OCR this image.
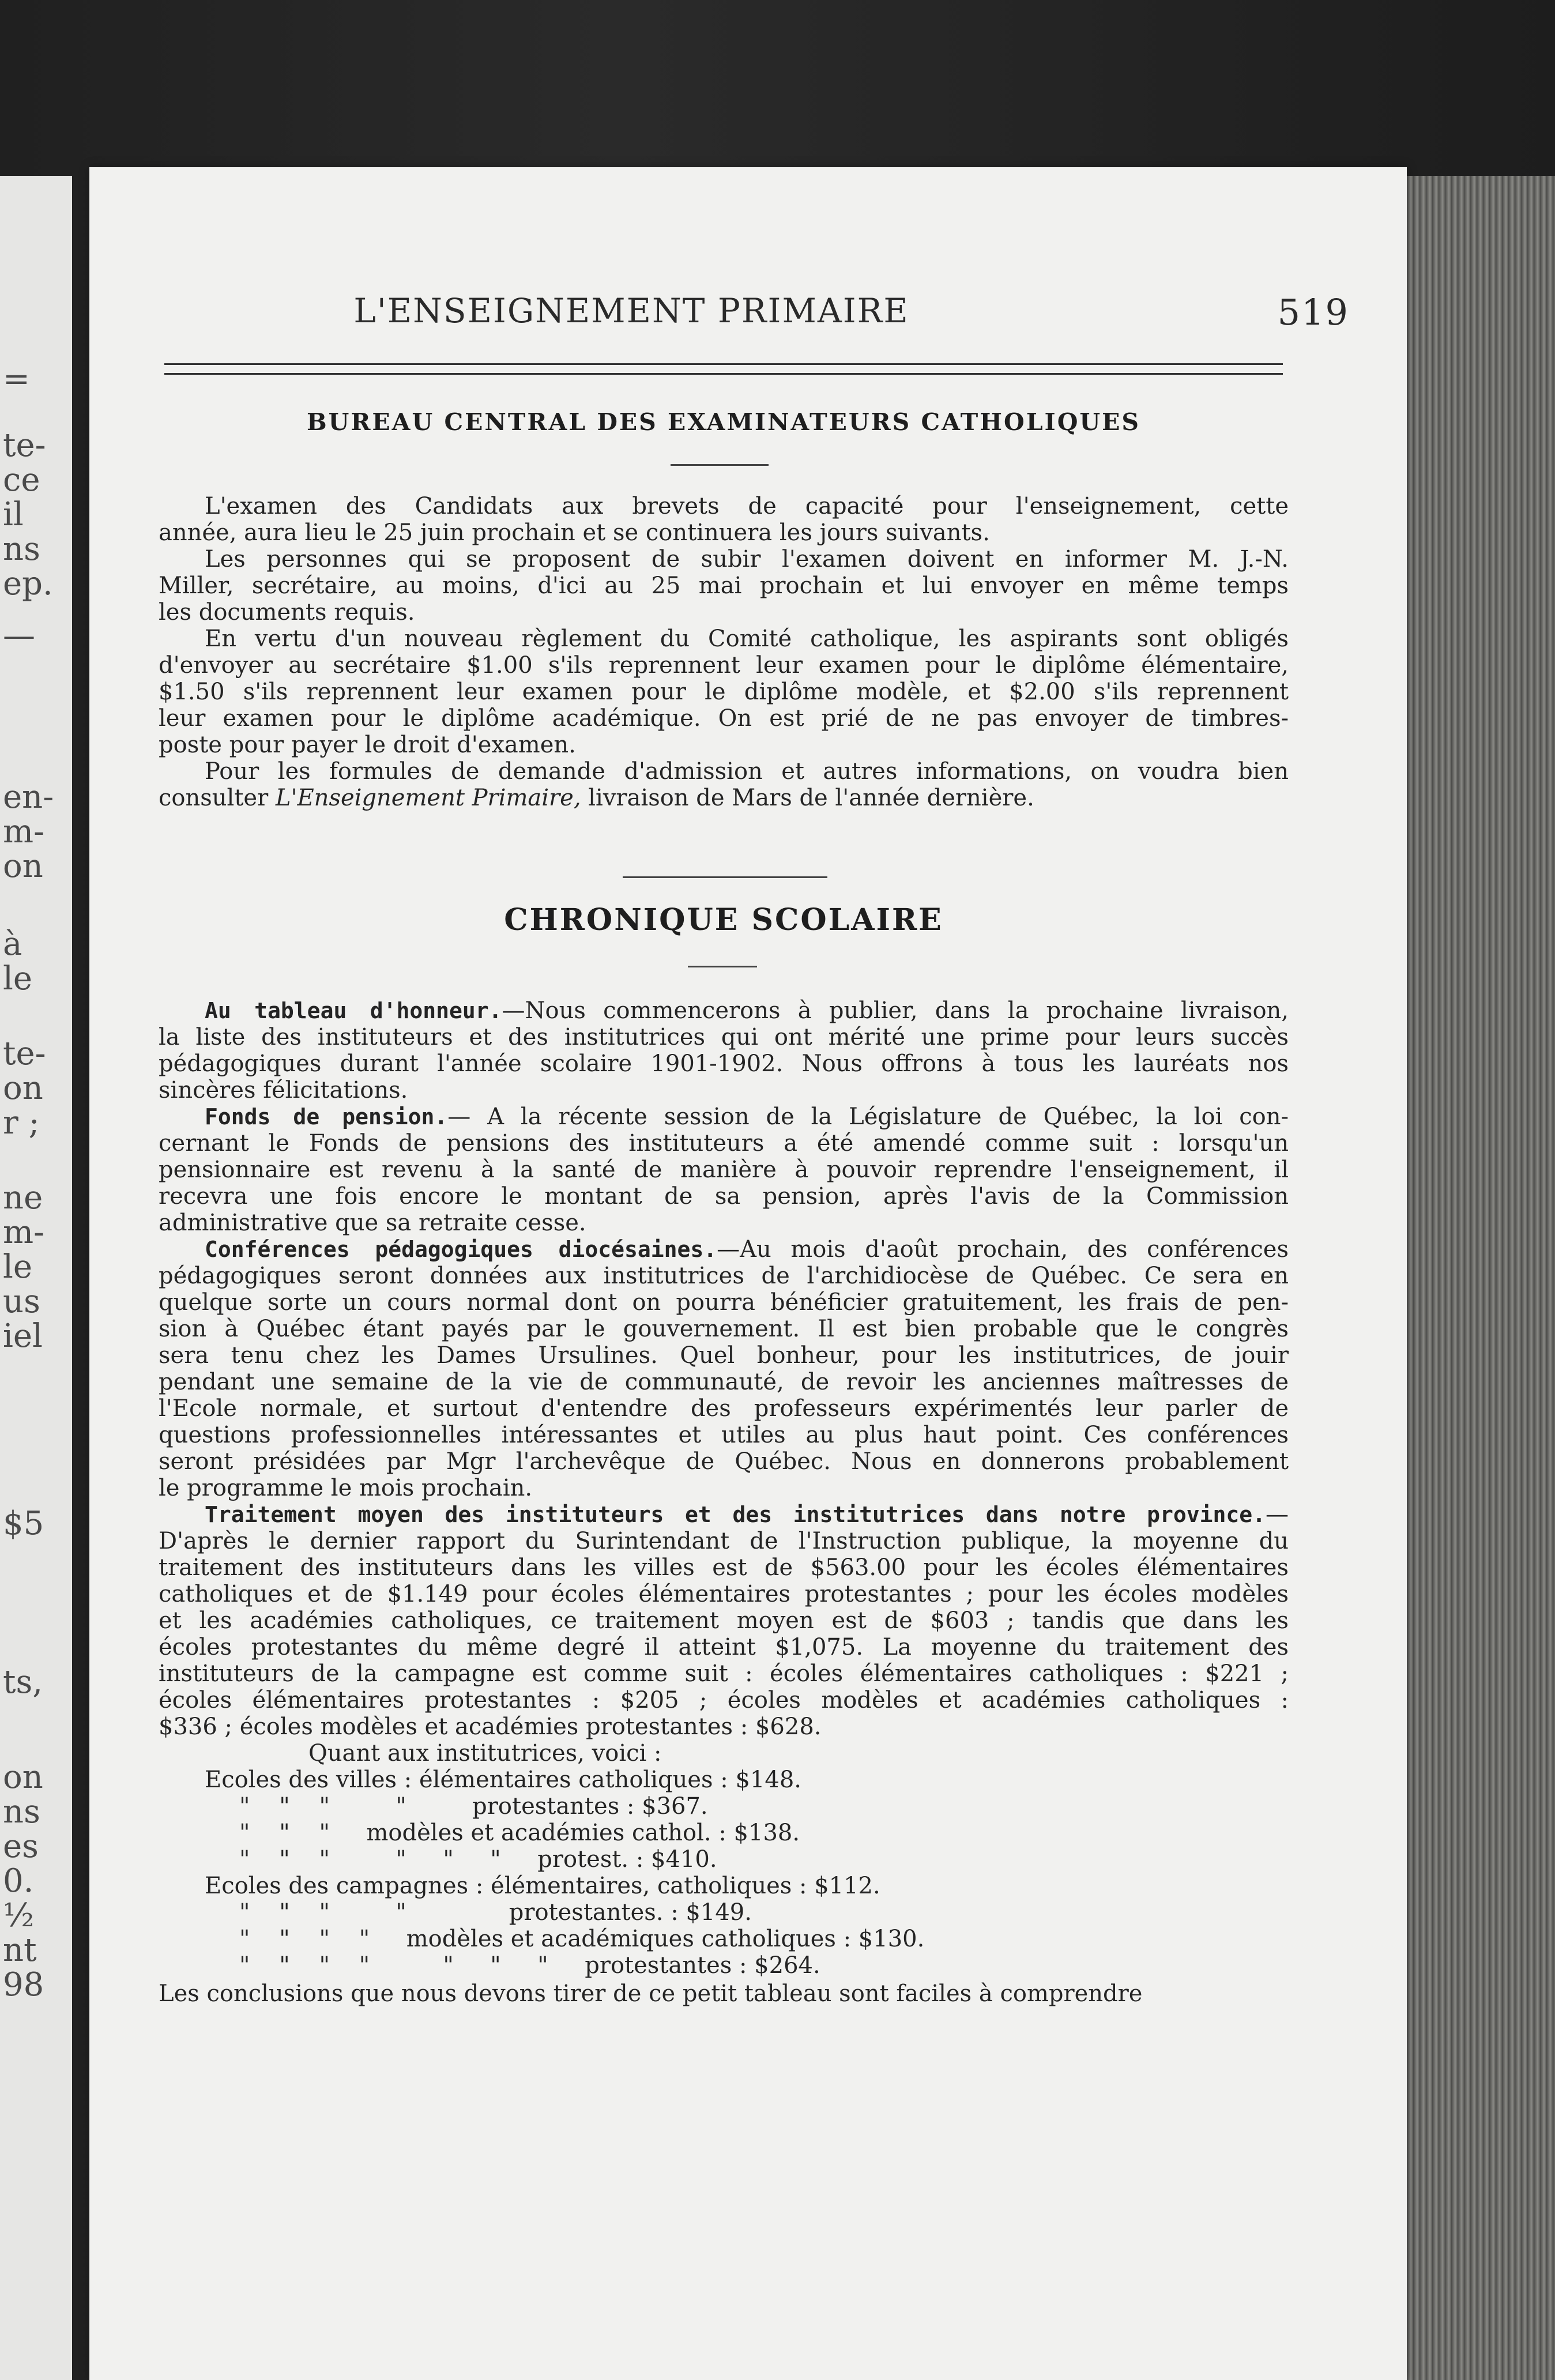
=
te-
ce
il
ns
ep.
—
en-
m-
on
à
le
te-
on
r ;
ne
m-
le
us
iel
$5
ts,
on
ns
es
0.
½
nt
98
L'ENSEIGNEMENT PRIMAIRE	519
BUREAU CENTRAL DES EXAMINATEURS CATHOLIQUES
L'examen des Candidats aux brevets de capacité pour l'enseignement, cette
année, aura lieu le 25 juin prochain et se continuera les jours suivants.
Les personnes qui se proposent de subir l'examen doivent en informer M. J.-N.
Miller, secrétaire, au moins, d'ici au 25 mai prochain et lui envoyer en même temps
les documents requis.
En vertu d'un nouveau règlement du Comité catholique, les aspirants sont obligés
d'envoyer au secrétaire $1.00 s'ils reprennent leur examen pour le diplôme élémentaire,
$1.50 s'ils reprennent leur examen pour le diplôme modèle, et $2.00 s'ils reprennent
leur examen pour le diplôme académique. On est prié de ne pas envoyer de timbres-
poste pour payer le droit d'examen.
Pour les formules de demande d'admission et autres informations, on voudra bien
consulter L'Enseignement Primaire, livraison de Mars de l'année dernière.
CHRONIQUE SCOLAIRE
Au tableau d'honneur.—Nous commencerons à publier, dans la prochaine livraison,
la liste des instituteurs et des institutrices qui ont mérité une prime pour leurs succès
pédagogiques durant l'année scolaire 1901-1902. Nous offrons à tous les lauréats nos
sincères félicitations.
Fonds de pension.— A la récente session de la Législature de Québec, la loi con-
cernant le Fonds de pensions des instituteurs a été amendé comme suit : lorsqu'un
pensionnaire est revenu à la santé de manière à pouvoir reprendre l'enseignement, il
recevra une fois encore le montant de sa pension, après l'avis de la Commission
administrative que sa retraite cesse.
Conférences pédagogiques diocésaines.—Au mois d'août prochain, des conférences
pédagogiques seront données aux institutrices de l'archidiocèse de Québec. Ce sera en
quelque sorte un cours normal dont on pourra bénéficier gratuitement, les frais de pen-
sion à Québec étant payés par le gouvernement. Il est bien probable que le congrès
sera tenu chez les Dames Ursulines. Quel bonheur, pour les institutrices, de jouir
pendant une semaine de la vie de communauté, de revoir les anciennes maîtresses de
l'Ecole normale, et surtout d'entendre des professeurs expérimentés leur parler de
questions professionnelles intéressantes et utiles au plus haut point. Ces conférences
seront présidées par Mgr l'archevêque de Québec. Nous en donnerons probablement
le programme le mois prochain.
Traitement moyen des instituteurs et des institutrices dans notre province.—
D'après le dernier rapport du Surintendant de l'Instruction publique, la moyenne du
traitement des instituteurs dans les villes est de $563.00 pour les écoles élémentaires
catholiques et de $1.149 pour écoles élémentaires protestantes ; pour les écoles modèles
et les académies catholiques, ce traitement moyen est de $603 ; tandis que dans les
écoles protestantes du même degré il atteint $1,075. La moyenne du traitement des
instituteurs de la campagne est comme suit : écoles élémentaires catholiques : $221 ;
écoles élémentaires protestantes : $205 ; écoles modèles et académies catholiques :
$336 ; écoles modèles et académies protestantes : $628.
Quant aux institutrices, voici :
Ecoles des villes : élémentaires catholiques : $148.
"    "    "         "         protestantes : $367.
"    "    "     modèles et académies cathol. : $138.
"    "    "         "     "     "     protest. : $410.
Ecoles des campagnes : élémentaires, catholiques : $112.
"    "    "         "              protestantes. : $149.
"    "    "    "     modèles et académiques catholiques : $130.
"    "    "    "          "     "     "     protestantes : $264.
Les conclusions que nous devons tirer de ce petit tableau sont faciles à comprendre
